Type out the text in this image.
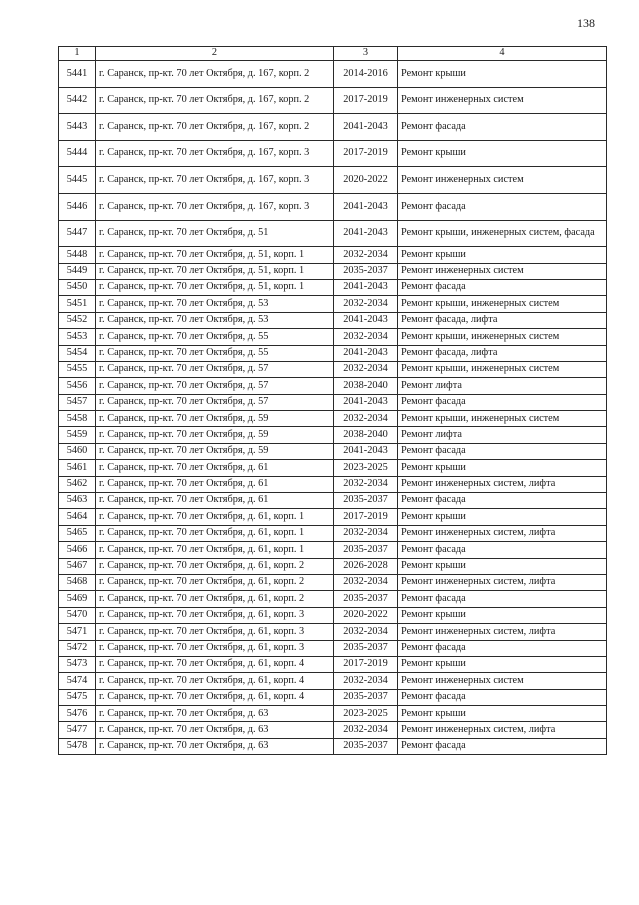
138
1	2	3	4
5441	г. Саранск, пр-кт. 70 лет Октября, д. 167, корп. 2	2014-2016	Ремонт крыши
5442	г. Саранск, пр-кт. 70 лет Октября, д. 167, корп. 2	2017-2019	Ремонт инженерных систем
5443	г. Саранск, пр-кт. 70 лет Октября, д. 167, корп. 2	2041-2043	Ремонт фасада
5444	г. Саранск, пр-кт. 70 лет Октября, д. 167, корп. 3	2017-2019	Ремонт крыши
5445	г. Саранск, пр-кт. 70 лет Октября, д. 167, корп. 3	2020-2022	Ремонт инженерных систем
5446	г. Саранск, пр-кт. 70 лет Октября, д. 167, корп. 3	2041-2043	Ремонт фасада
5447	г. Саранск, пр-кт. 70 лет Октября, д. 51	2041-2043	Ремонт крыши, инженерных систем, фасада
5448	г. Саранск, пр-кт. 70 лет Октября, д. 51, корп. 1	2032-2034	Ремонт крыши
5449	г. Саранск, пр-кт. 70 лет Октября, д. 51, корп. 1	2035-2037	Ремонт инженерных систем
5450	г. Саранск, пр-кт. 70 лет Октября, д. 51, корп. 1	2041-2043	Ремонт фасада
5451	г. Саранск, пр-кт. 70 лет Октября, д. 53	2032-2034	Ремонт крыши, инженерных систем
5452	г. Саранск, пр-кт. 70 лет Октября, д. 53	2041-2043	Ремонт фасада, лифта
5453	г. Саранск, пр-кт. 70 лет Октября, д. 55	2032-2034	Ремонт крыши, инженерных систем
5454	г. Саранск, пр-кт. 70 лет Октября, д. 55	2041-2043	Ремонт фасада, лифта
5455	г. Саранск, пр-кт. 70 лет Октября, д. 57	2032-2034	Ремонт крыши, инженерных систем
5456	г. Саранск, пр-кт. 70 лет Октября, д. 57	2038-2040	Ремонт лифта
5457	г. Саранск, пр-кт. 70 лет Октября, д. 57	2041-2043	Ремонт фасада
5458	г. Саранск, пр-кт. 70 лет Октября, д. 59	2032-2034	Ремонт крыши, инженерных систем
5459	г. Саранск, пр-кт. 70 лет Октября, д. 59	2038-2040	Ремонт лифта
5460	г. Саранск, пр-кт. 70 лет Октября, д. 59	2041-2043	Ремонт фасада
5461	г. Саранск, пр-кт. 70 лет Октября, д. 61	2023-2025	Ремонт крыши
5462	г. Саранск, пр-кт. 70 лет Октября, д. 61	2032-2034	Ремонт инженерных систем, лифта
5463	г. Саранск, пр-кт. 70 лет Октября, д. 61	2035-2037	Ремонт фасада
5464	г. Саранск, пр-кт. 70 лет Октября, д. 61, корп. 1	2017-2019	Ремонт крыши
5465	г. Саранск, пр-кт. 70 лет Октября, д. 61, корп. 1	2032-2034	Ремонт инженерных систем, лифта
5466	г. Саранск, пр-кт. 70 лет Октября, д. 61, корп. 1	2035-2037	Ремонт фасада
5467	г. Саранск, пр-кт. 70 лет Октября, д. 61, корп. 2	2026-2028	Ремонт крыши
5468	г. Саранск, пр-кт. 70 лет Октября, д. 61, корп. 2	2032-2034	Ремонт инженерных систем, лифта
5469	г. Саранск, пр-кт. 70 лет Октября, д. 61, корп. 2	2035-2037	Ремонт фасада
5470	г. Саранск, пр-кт. 70 лет Октября, д. 61, корп. 3	2020-2022	Ремонт крыши
5471	г. Саранск, пр-кт. 70 лет Октября, д. 61, корп. 3	2032-2034	Ремонт инженерных систем, лифта
5472	г. Саранск, пр-кт. 70 лет Октября, д. 61, корп. 3	2035-2037	Ремонт фасада
5473	г. Саранск, пр-кт. 70 лет Октября, д. 61, корп. 4	2017-2019	Ремонт крыши
5474	г. Саранск, пр-кт. 70 лет Октября, д. 61, корп. 4	2032-2034	Ремонт инженерных систем
5475	г. Саранск, пр-кт. 70 лет Октября, д. 61, корп. 4	2035-2037	Ремонт фасада
5476	г. Саранск, пр-кт. 70 лет Октября, д. 63	2023-2025	Ремонт крыши
5477	г. Саранск, пр-кт. 70 лет Октября, д. 63	2032-2034	Ремонт инженерных систем, лифта
5478	г. Саранск, пр-кт. 70 лет Октября, д. 63	2035-2037	Ремонт фасада
